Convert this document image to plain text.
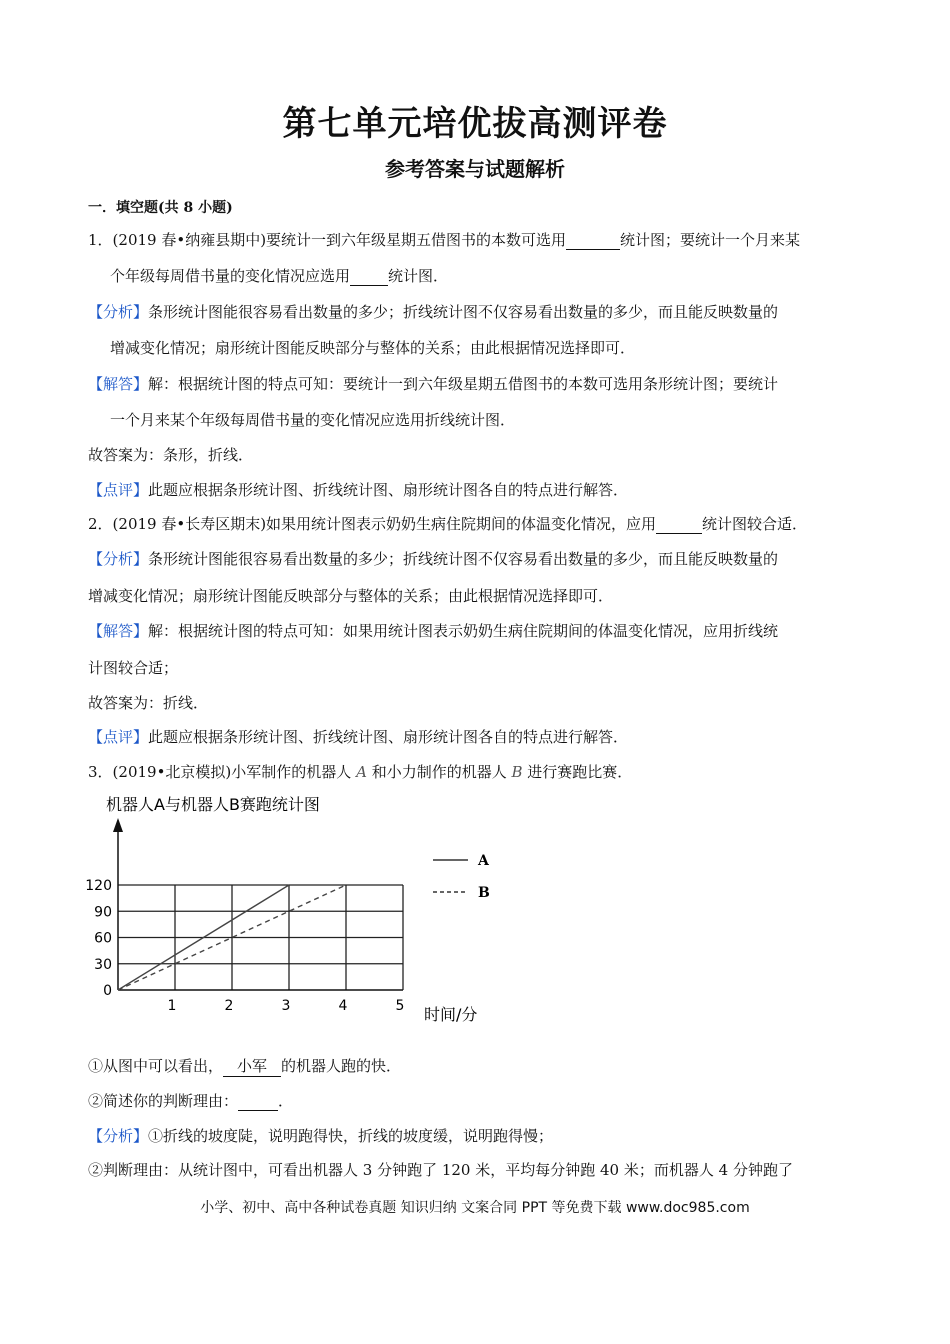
第七单元培优拔高测评卷
参考答案与试题解析
一．填空题(共 8 小题)
1．(2019 春•纳雍县期中)要统计一到六年级星期五借图书的本数可选用	统计图；要统计一个月来某
个年级每周借书量的变化情况应选用	统计图．
【分析】条形统计图能很容易看出数量的多少；折线统计图不仅容易看出数量的多少，而且能反映数量的
增减变化情况；扇形统计图能反映部分与整体的关系；由此根据情况选择即可．
【解答】解：根据统计图的特点可知：要统计一到六年级星期五借图书的本数可选用条形统计图；要统计
一个月来某个年级每周借书量的变化情况应选用折线统计图．
故答案为：条形，折线．
【点评】此题应根据条形统计图、折线统计图、扇形统计图各自的特点进行解答．
2．(2019 春•长寿区期末)如果用统计图表示奶奶生病住院期间的体温变化情况，应用	统计图较合适．
【分析】条形统计图能很容易看出数量的多少；折线统计图不仅容易看出数量的多少，而且能反映数量的
增减变化情况；扇形统计图能反映部分与整体的关系；由此根据情况选择即可．
【解答】解：根据统计图的特点可知：如果用统计图表示奶奶生病住院期间的体温变化情况，应用折线统
计图较合适；
故答案为：折线．
【点评】此题应根据条形统计图、折线统计图、扇形统计图各自的特点进行解答．
3．(2019•北京模拟)小军制作的机器人 A 和小力制作的机器人 B 进行赛跑比赛．
机器人A与机器人B赛跑统计图
30
60
90
120
0
1	2	3	4	5
A
B
时间/分
①从图中可以看出， 小军 的机器人跑的快．
②简述你的判断理由：	．
【分析】①折线的坡度陡，说明跑得快，折线的坡度缓，说明跑得慢；
②判断理由：从统计图中，可看出机器人 3 分钟跑了 120 米，平均每分钟跑 40 米；而机器人 4 分钟跑了
小学、初中、高中各种试卷真题 知识归纳 文案合同 PPT 等免费下载 www.doc985.com
